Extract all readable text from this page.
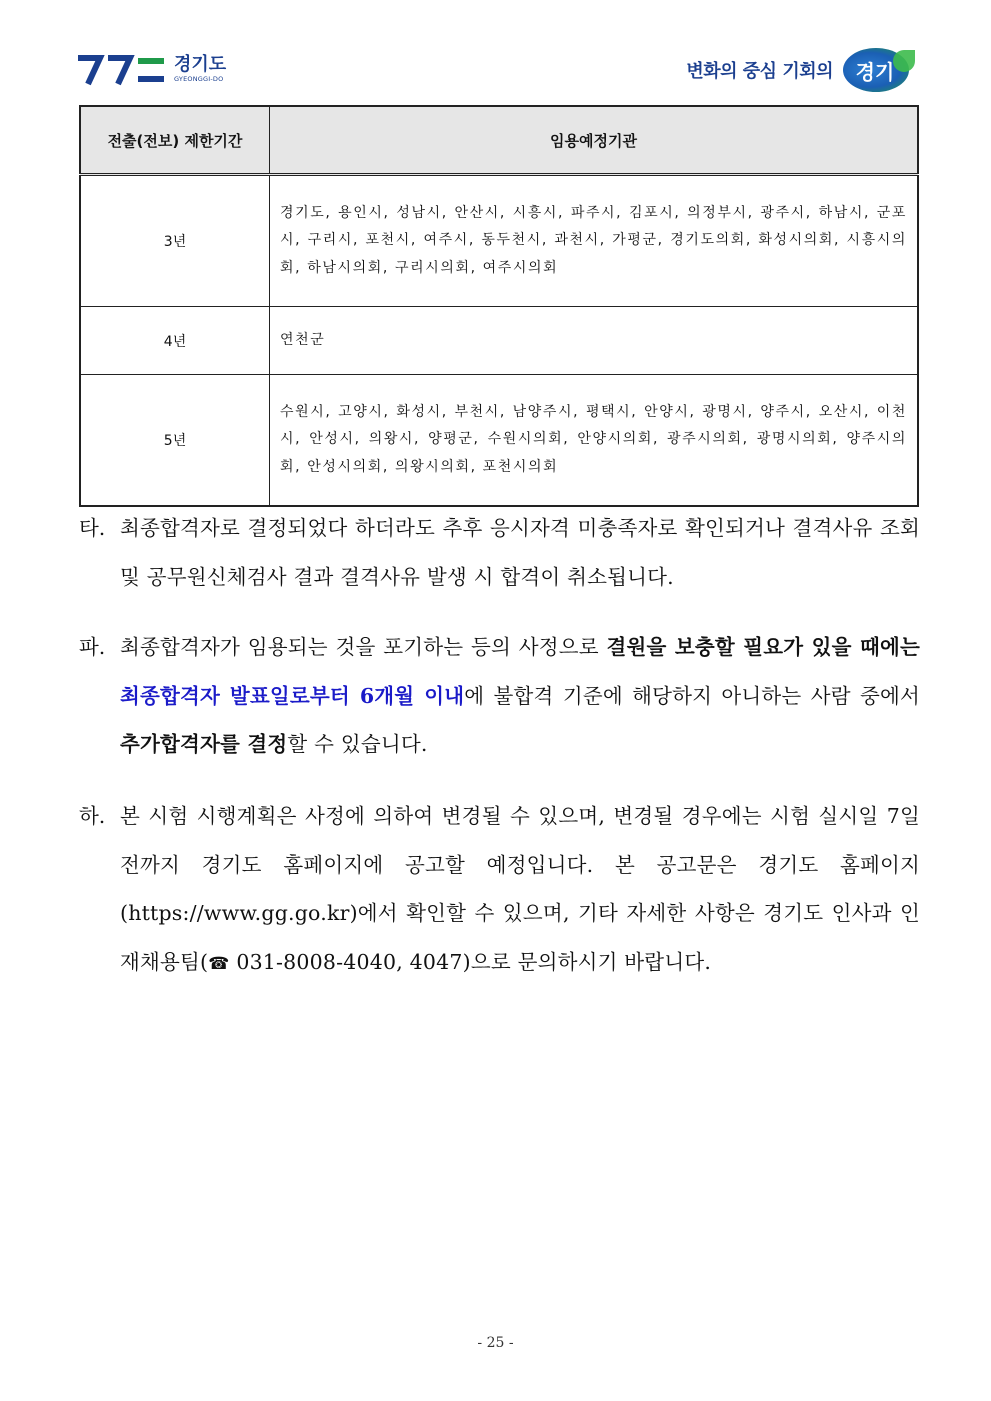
경기도
GYEONGGI-DO	변화의 중심 기회의	경기
전출(전보) 제한기간	임용예정기관
3년	경기도, 용인시, 성남시, 안산시, 시흥시, 파주시, 김포시, 의정부시, 광주시, 하남시, 군포시, 구리시, 포천시, 여주시, 동두천시, 과천시, 가평군, 경기도의회, 화성시의회, 시흥시의회, 하남시의회, 구리시의회, 여주시의회
4년	연천군
5년	수원시, 고양시, 화성시, 부천시, 남양주시, 평택시, 안양시, 광명시, 양주시, 오산시, 이천시, 안성시, 의왕시, 양평군, 수원시의회, 안양시의회, 광주시의회, 광명시의회, 양주시의회, 안성시의회, 의왕시의회, 포천시의회
타. 최종합격자로 결정되었다 하더라도 추후 응시자격 미충족자로 확인되거나 결격사유 조회 및 공무원신체검사 결과 결격사유 발생 시 합격이 취소됩니다.
파. 최종합격자가 임용되는 것을 포기하는 등의 사정으로 결원을 보충할 필요가 있을 때에는 최종합격자 발표일로부터 6개월 이내에 불합격 기준에 해당하지 아니하는 사람 중에서 추가합격자를 결정할 수 있습니다.
하. 본 시험 시행계획은 사정에 의하여 변경될 수 있으며, 변경될 경우에는 시험 실시일 7일 전까지 경기도 홈페이지에 공고할 예정입니다. 본 공고문은 경기도 홈페이지(https://www.gg.go.kr)에서 확인할 수 있으며, 기타 자세한 사항은 경기도 인사과 인재채용팀(☎ 031-8008-4040, 4047)으로 문의하시기 바랍니다.
- 25 -
